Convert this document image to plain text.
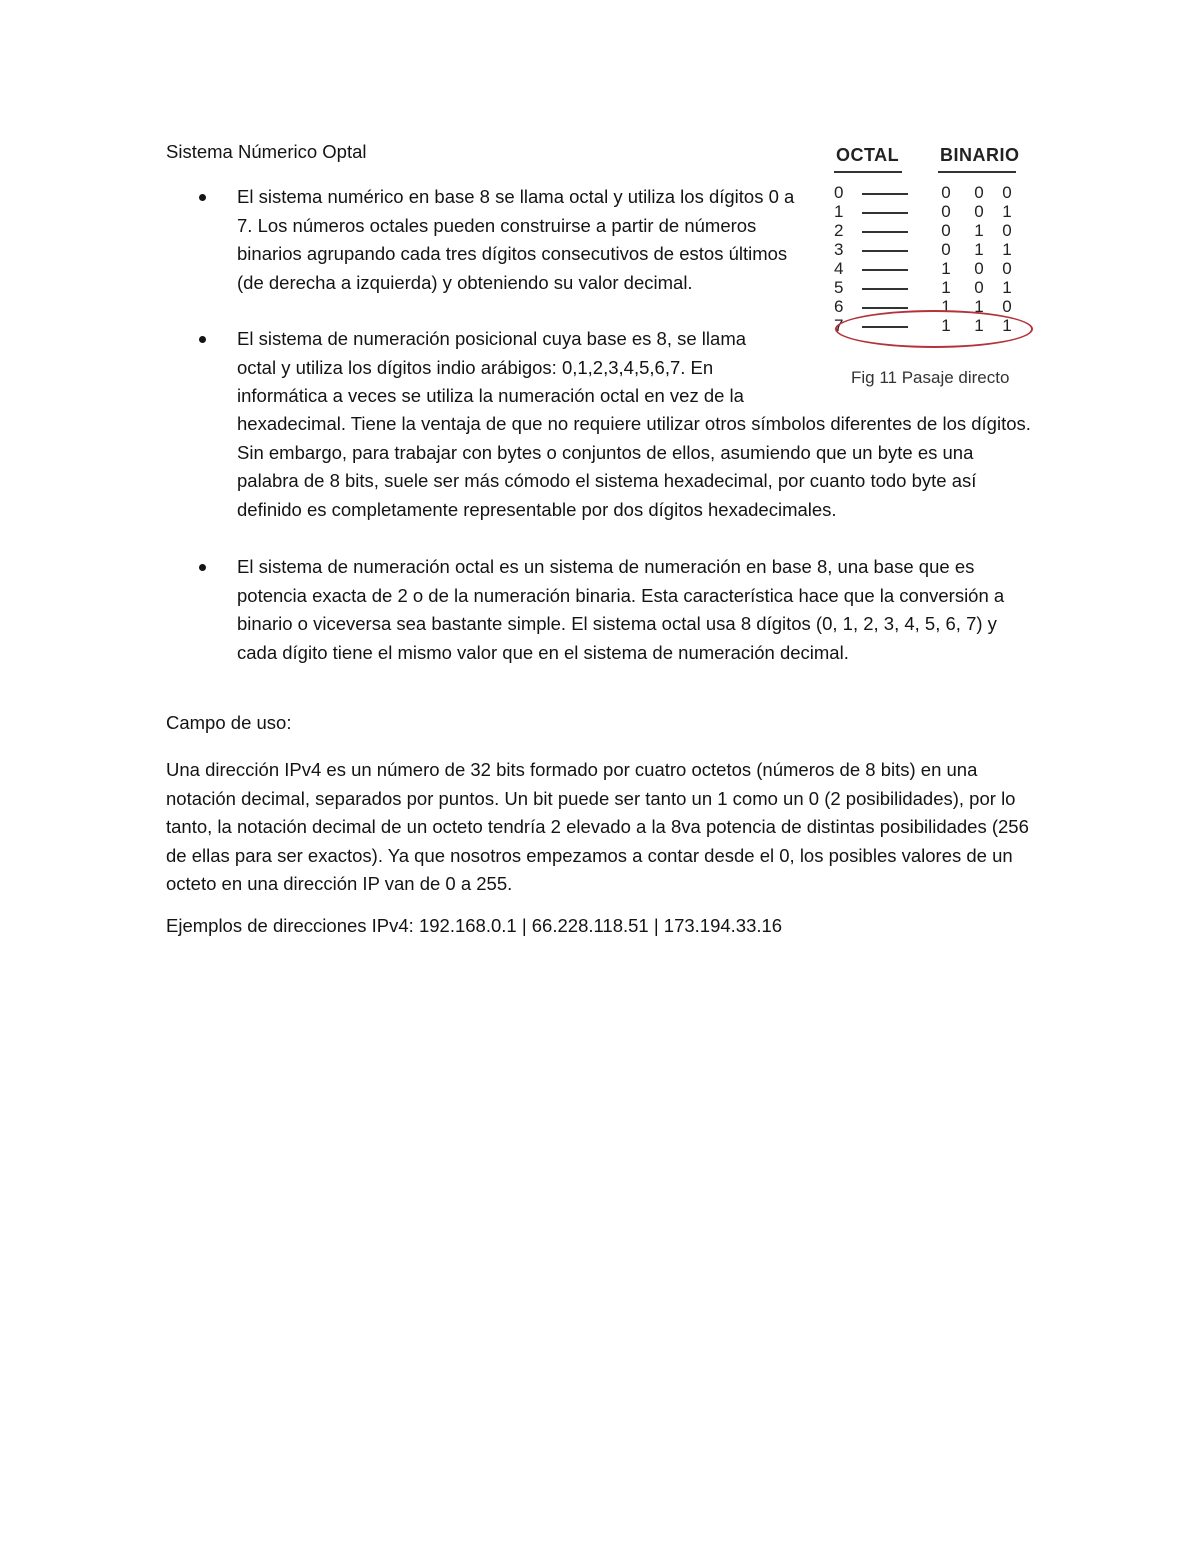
Sistema Númerico Optal
El sistema numérico en base 8 se llama octal y utiliza los dígitos 0 a 7. Los números octales pueden construirse a partir de números binarios agrupando cada tres dígitos consecutivos de estos últimos (de derecha a izquierda) y obteniendo su valor decimal.
El sistema de numeración posicional cuya base es 8, se llama octal y utiliza los dígitos indio arábigos: 0,1,2,3,4,5,6,7. En informática a veces se utiliza la numeración octal en vez de la
hexadecimal. Tiene la ventaja de que no requiere utilizar otros símbolos diferentes de los dígitos. Sin embargo, para trabajar con bytes o conjuntos de ellos, asumiendo que un byte es una palabra de 8 bits, suele ser más cómodo el sistema hexadecimal, por cuanto todo byte así definido es completamente representable por dos dígitos hexadecimales.
El sistema de numeración octal es un sistema de numeración en base 8, una base que es potencia exacta de 2 o de la numeración binaria. Esta característica hace que la conversión a binario o viceversa sea bastante simple. El sistema octal usa 8 dígitos (0, 1, 2, 3, 4, 5, 6, 7) y cada dígito tiene el mismo valor que en el sistema de numeración decimal.
OCTAL BINARIO
0	0 0 0
1	0 0 1
2	0 1 0
3	0 1 1
4	1 0 0
5	1 0 1
6	1 1 0
7	1 1 1
Fig 11 Pasaje directo
Campo de uso:

Una dirección IPv4 es un número de 32 bits formado por cuatro octetos (números de 8 bits) en una notación decimal, separados por puntos. Un bit puede ser tanto un 1 como un 0 (2 posibilidades), por lo tanto, la notación decimal de un octeto tendría 2 elevado a la 8va potencia de distintas posibilidades (256 de ellas para ser exactos). Ya que nosotros empezamos a contar desde el 0, los posibles valores de un octeto en una dirección IP van de 0 a 255.

Ejemplos de direcciones IPv4: 192.168.0.1 | 66.228.118.51 | 173.194.33.16
